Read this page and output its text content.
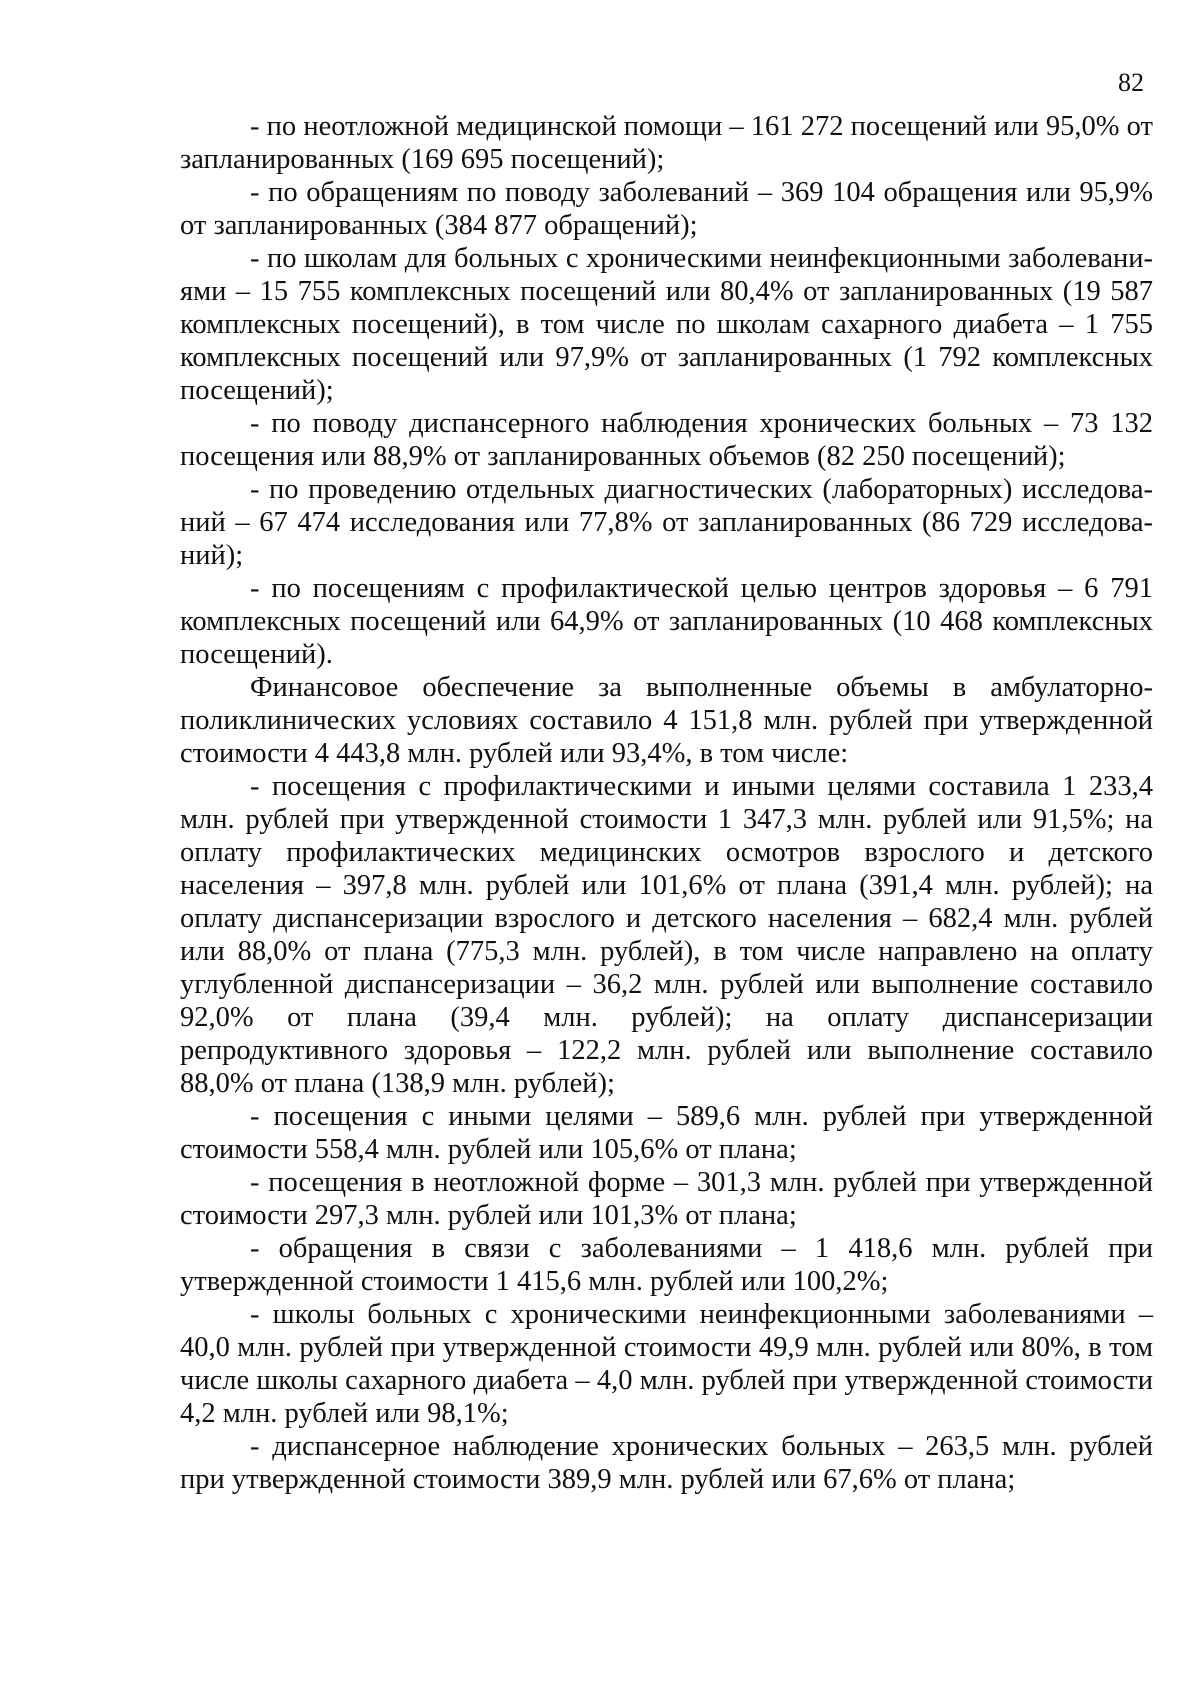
82

- по неотложной медицинской помощи – 161 272 посещений или 95,0% от запланированных (169 695 посещений);

- по обращениям по поводу заболеваний – 369 104 обращения или 95,9% от запланированных (384 877 обращений);

- по школам для больных с хроническими неинфекционными заболеваниями – 15 755 комплексных посещений или 80,4% от запланированных (19 587 комплексных посещений), в том числе по школам сахарного диабета – 1 755 комплексных посещений или 97,9% от запланированных (1 792 комплексных посещений);

- по поводу диспансерного наблюдения хронических больных – 73 132 посещения или 88,9% от запланированных объемов (82 250 посещений);

- по проведению отдельных диагностических (лабораторных) исследований – 67 474 исследования или 77,8% от запланированных (86 729 исследований);

- по посещениям с профилактической целью центров здоровья – 6 791 комплексных посещений или 64,9% от запланированных (10 468 комплексных посещений).

Финансовое обеспечение за выполненные объемы в амбулаторно-поликлинических условиях составило 4 151,8 млн. рублей при утвержденной стоимости 4 443,8 млн. рублей или 93,4%, в том числе:

- посещения с профилактическими и иными целями составила 1 233,4 млн. рублей при утвержденной стоимости 1 347,3 млн. рублей или 91,5%; на оплату профилактических медицинских осмотров взрослого и детского населения – 397,8 млн. рублей или 101,6% от плана (391,4 млн. рублей); на оплату диспансеризации взрослого и детского населения – 682,4 млн. рублей или 88,0% от плана (775,3 млн. рублей), в том числе направлено на оплату углубленной диспансеризации – 36,2 млн. рублей или выполнение составило 92,0% от плана (39,4 млн. рублей); на оплату диспансеризации репродуктивного здоровья – 122,2 млн. рублей или выполнение составило 88,0% от плана (138,9 млн. рублей);

- посещения с иными целями – 589,6 млн. рублей при утвержденной стоимости 558,4 млн. рублей или 105,6% от плана;

- посещения в неотложной форме – 301,3 млн. рублей при утвержденной стоимости 297,3 млн. рублей или 101,3% от плана;

- обращения в связи с заболеваниями – 1 418,6 млн. рублей при утвержденной стоимости 1 415,6 млн. рублей или 100,2%;

- школы больных с хроническими неинфекционными заболеваниями – 40,0 млн. рублей при утвержденной стоимости 49,9 млн. рублей или 80%, в том числе школы сахарного диабета – 4,0 млн. рублей при утвержденной стоимости 4,2 млн. рублей или 98,1%;

- диспансерное наблюдение хронических больных – 263,5 млн. рублей при утвержденной стоимости 389,9 млн. рублей или 67,6% от плана;
